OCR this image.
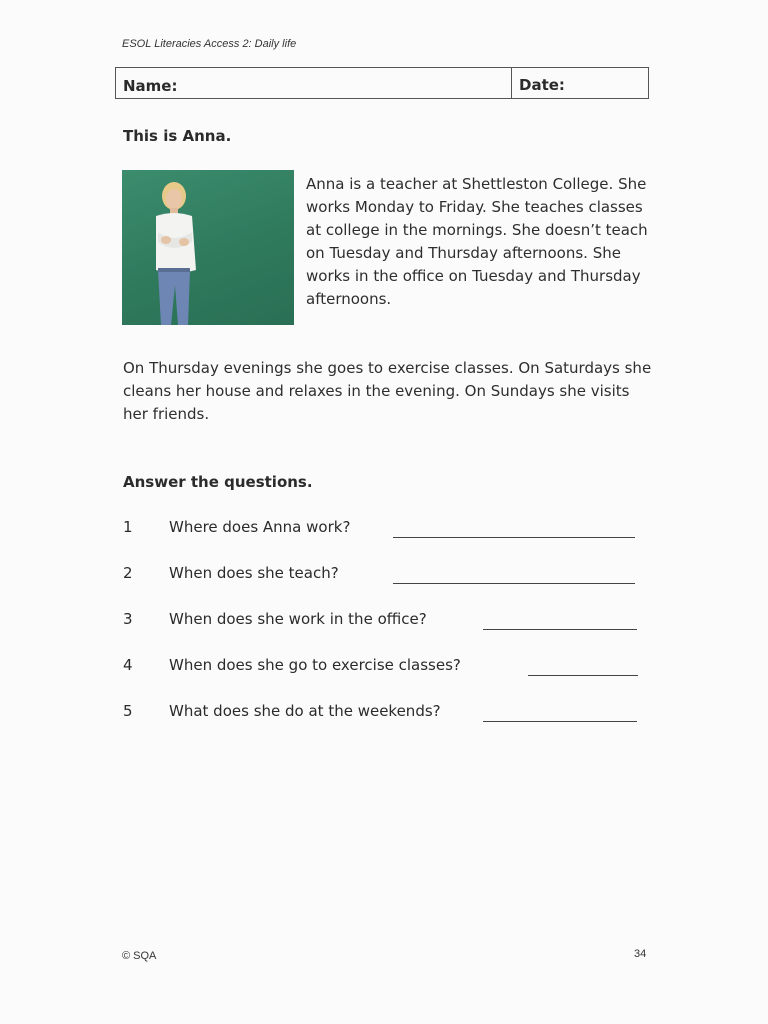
ESOL Literacies Access 2: Daily life
Name:	Date:
This is Anna.
Anna is a teacher at Shettleston College. She works Monday to Friday. She teaches classes at college in the mornings. She doesn’t teach on Tuesday and Thursday afternoons. She works in the office on Tuesday and Thursday afternoons.
On Thursday evenings she goes to exercise classes. On Saturdays she cleans her house and relaxes in the evening. On Sundays she visits her friends.
Answer the questions.
1 Where does Anna work?
2 When does she teach?
3 When does she work in the office?
4 When does she go to exercise classes?
5 What does she do at the weekends?
© SQA	34
